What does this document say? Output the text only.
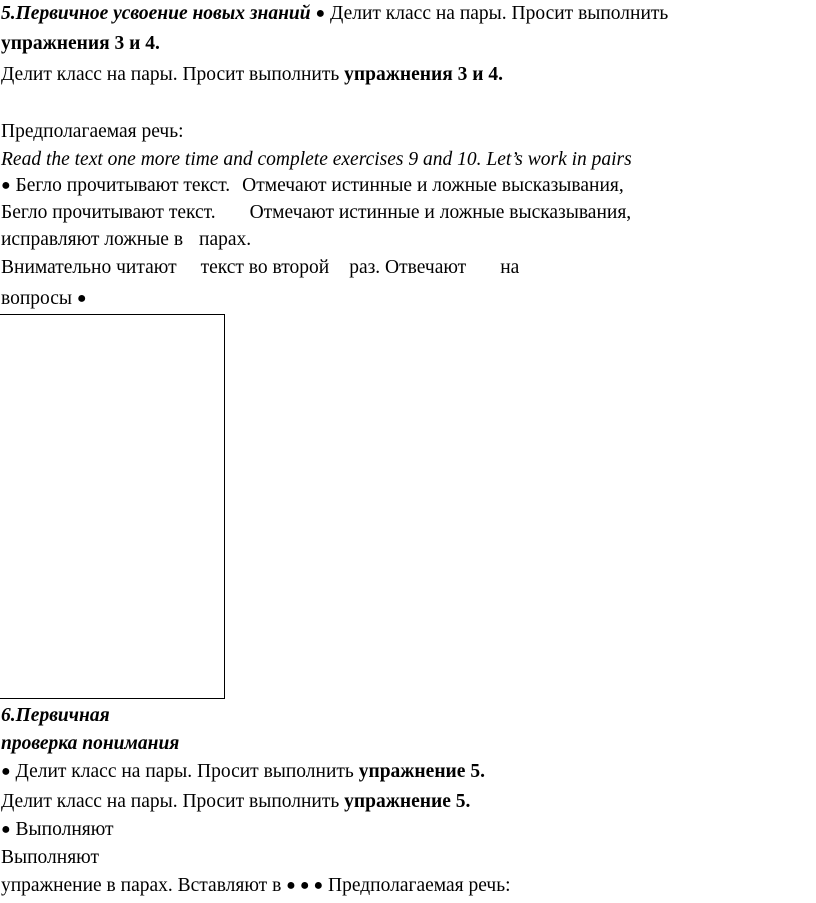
5.Первичное усвоение новых знаний ● Делит класс на пары. Просит выполнить
упражнения 3 и 4.
Делит класс на пары. Просит выполнить упражнения 3 и 4.
Предполагаемая речь:
Read the text one more time and complete exercises 9 and 10. Let’s work in pairs
● Бегло прочитывают текст. Отмечают истинные и ложные высказывания,
Бегло прочитывают текст. Отмечают истинные и ложные высказывания,
исправляют ложные в парах.
Внимательно читают текст во второй раз. Отвечают на
вопросы ●
6.Первичная
проверка понимания
● Делит класс на пары. Просит выполнить упражнение 5.
Делит класс на пары. Просит выполнить упражнение 5.
● Выполняют
Выполняют
упражнение в парах. Вставляют в ● ● ● Предполагаемая речь:
